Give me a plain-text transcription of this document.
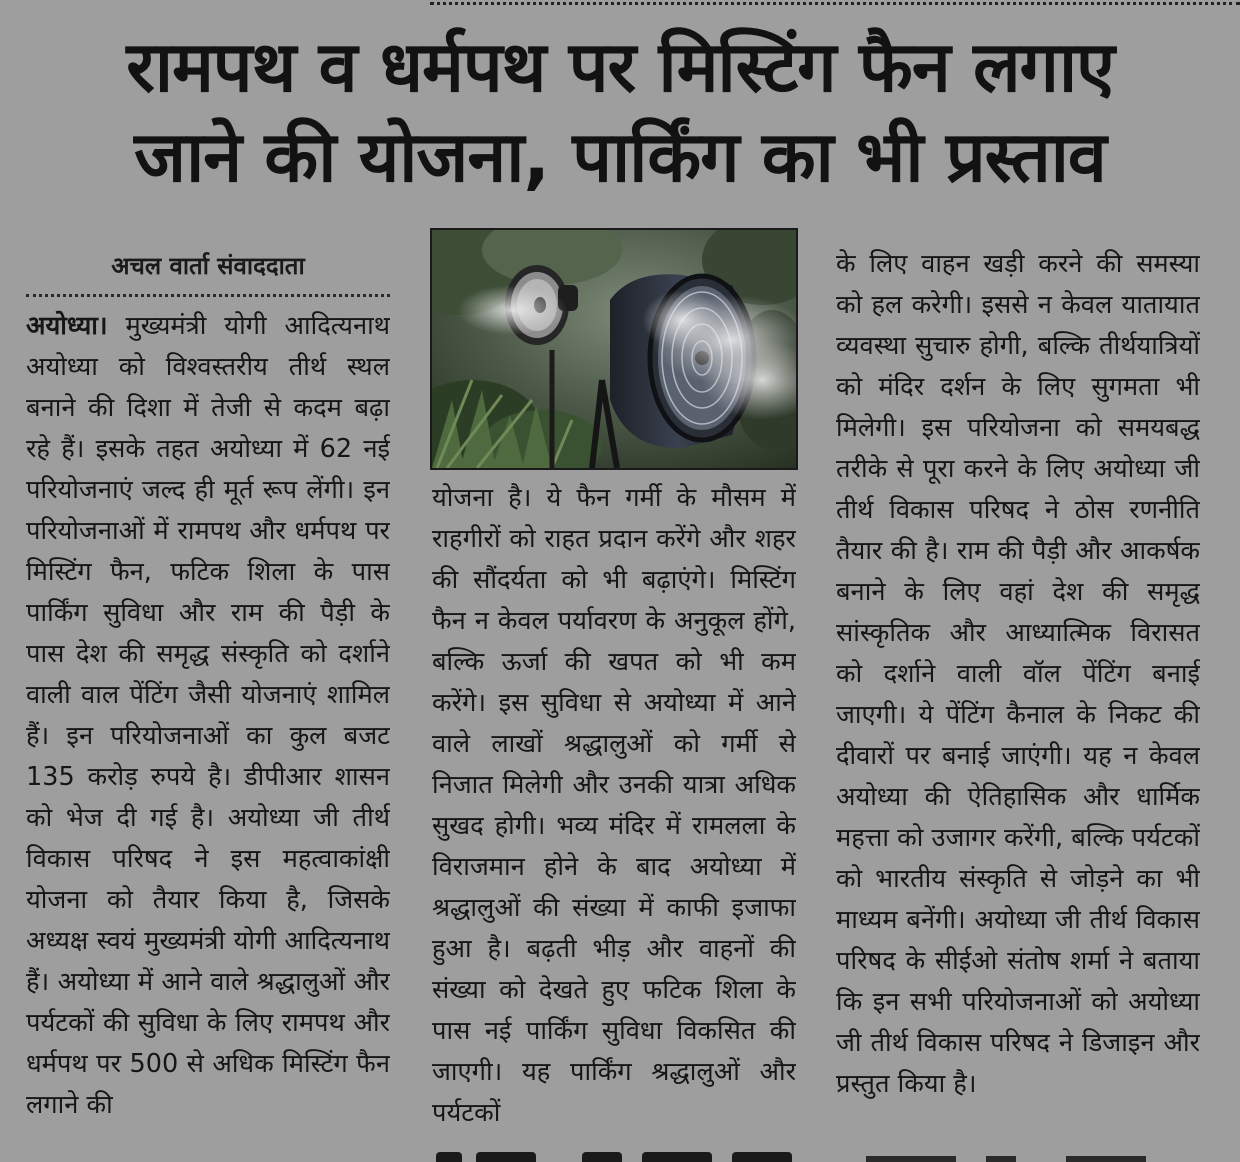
रामपथ व धर्मपथ पर मिस्टिंग फैन लगाए
जाने की योजना, पार्किंग का भी प्रस्ताव

अचल वार्ता संवाददाता

अयोध्या। मुख्यमंत्री योगी आदित्यनाथ अयोध्या को विश्वस्तरीय तीर्थ स्थल बनाने की दिशा में तेजी से कदम बढ़ा रहे हैं। इसके तहत अयोध्या में 62 नई परियोजनाएं जल्द ही मूर्त रूप लेंगी। इन परियोजनाओं में रामपथ और धर्मपथ पर मिस्टिंग फैन, फटिक शिला के पास पार्किंग सुविधा और राम की पैड़ी के पास देश की समृद्ध संस्कृति को दर्शाने वाली वाल पेंटिंग जैसी योजनाएं शामिल हैं। इन परियोजनाओं का कुल बजट 135 करोड़ रुपये है। डीपीआर शासन को भेज दी गई है। अयोध्या जी तीर्थ विकास परिषद ने इस महत्वाकांक्षी योजना को तैयार किया है, जिसके अध्यक्ष स्वयं मुख्यमंत्री योगी आदित्यनाथ हैं। अयोध्या में आने वाले श्रद्धालुओं और पर्यटकों की सुविधा के लिए रामपथ और धर्मपथ पर 500 से अधिक मिस्टिंग फैन लगाने की
योजना है। ये फैन गर्मी के मौसम में राहगीरों को राहत प्रदान करेंगे और शहर की सौंदर्यता को भी बढ़ाएंगे। मिस्टिंग फैन न केवल पर्यावरण के अनुकूल होंगे, बल्कि ऊर्जा की खपत को भी कम करेंगे। इस सुविधा से अयोध्या में आने वाले लाखों श्रद्धालुओं को गर्मी से निजात मिलेगी और उनकी यात्रा अधिक सुखद होगी। भव्य मंदिर में रामलला के विराजमान होने के बाद अयोध्या में श्रद्धालुओं की संख्या में काफी इजाफा हुआ है। बढ़ती भीड़ और वाहनों की संख्या को देखते हुए फटिक शिला के पास नई पार्किंग सुविधा विकसित की जाएगी। यह पार्किंग श्रद्धालुओं और पर्यटकों
के लिए वाहन खड़ी करने की समस्या को हल करेगी। इससे न केवल यातायात व्यवस्था सुचारु होगी, बल्कि तीर्थयात्रियों को मंदिर दर्शन के लिए सुगमता भी मिलेगी। इस परियोजना को समयबद्ध तरीके से पूरा करने के लिए अयोध्या जी तीर्थ विकास परिषद ने ठोस रणनीति तैयार की है। राम की पैड़ी और आकर्षक बनाने के लिए वहां देश की समृद्ध सांस्कृतिक और आध्यात्मिक विरासत को दर्शाने वाली वॉल पेंटिंग बनाई जाएगी। ये पेंटिंग कैनाल के निकट की दीवारों पर बनाई जाएंगी। यह न केवल अयोध्या की ऐतिहासिक और धार्मिक महत्ता को उजागर करेंगी, बल्कि पर्यटकों को भारतीय संस्कृति से जोड़ने का भी माध्यम बनेंगी। अयोध्या जी तीर्थ विकास परिषद के सीईओ संतोष शर्मा ने बताया कि इन सभी परियोजनाओं को अयोध्या जी तीर्थ विकास परिषद ने डिजाइन और प्रस्तुत किया है।
